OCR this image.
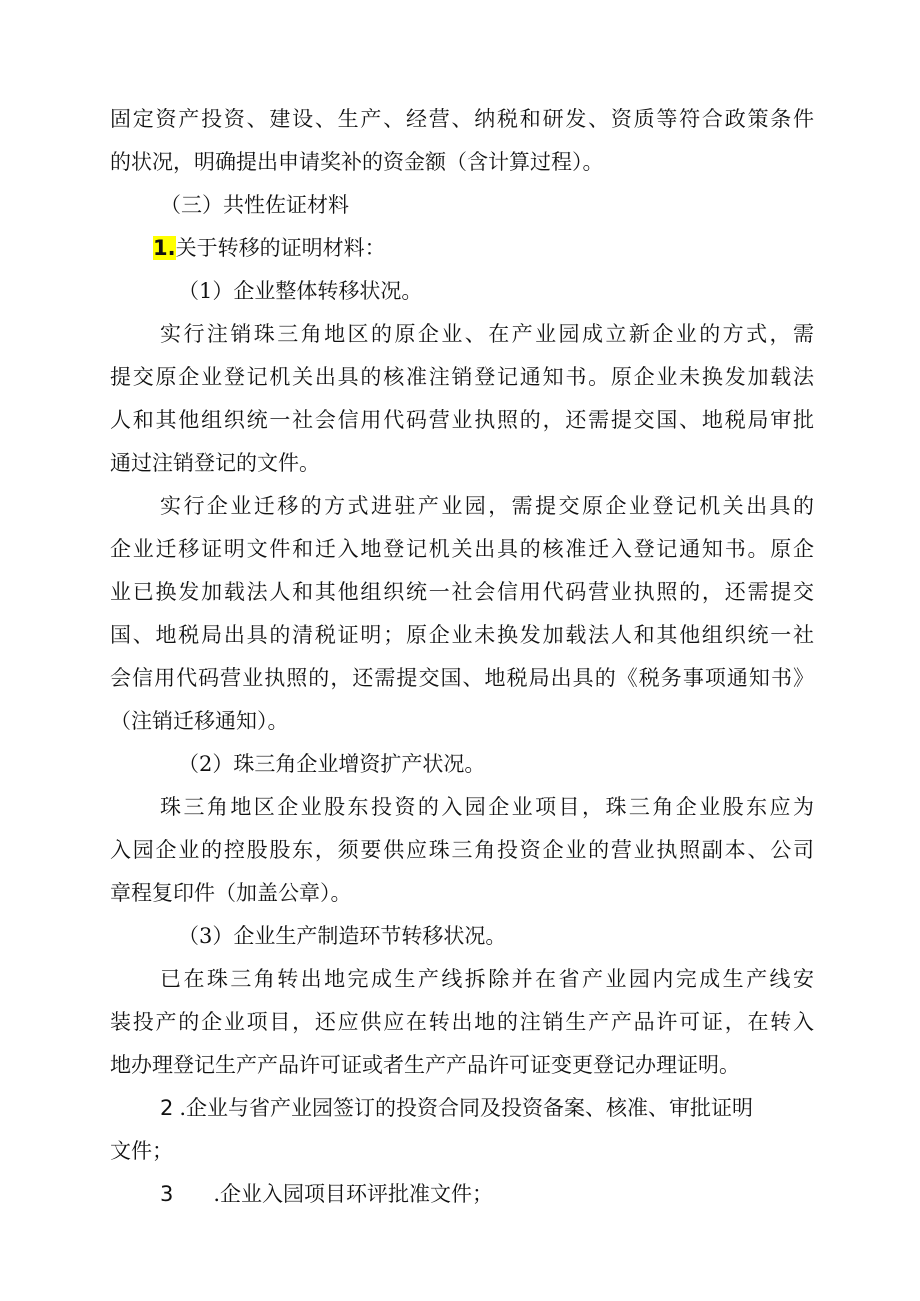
固定资产投资、建设、生产、经营、纳税和研发、资质等符合政策条件

的状况，明确提出申请奖补的资金额（含计算过程）。

（三）共性佐证材料

1.关于转移的证明材料：

（1）企业整体转移状况。

实行注销珠三角地区的原企业、在产业园成立新企业的方式，需

提交原企业登记机关出具的核准注销登记通知书。原企业未换发加载法

人和其他组织统一社会信用代码营业执照的，还需提交国、地税局审批

通过注销登记的文件。

实行企业迁移的方式进驻产业园，需提交原企业登记机关出具的

企业迁移证明文件和迁入地登记机关出具的核准迁入登记通知书。原企

业已换发加载法人和其他组织统一社会信用代码营业执照的，还需提交

国、地税局出具的清税证明；原企业未换发加载法人和其他组织统一社

会信用代码营业执照的，还需提交国、地税局出具的《税务事项通知书》

（注销迁移通知）。

（2）珠三角企业增资扩产状况。

珠三角地区企业股东投资的入园企业项目，珠三角企业股东应为

入园企业的控股股东，须要供应珠三角投资企业的营业执照副本、公司

章程复印件（加盖公章）。

（3）企业生产制造环节转移状况。

已在珠三角转出地完成生产线拆除并在省产业园内完成生产线安

装投产的企业项目，还应供应在转出地的注销生产产品许可证，在转入

地办理登记生产产品许可证或者生产产品许可证变更登记办理证明。

2 .企业与省产业园签订的投资合同及投资备案、核准、审批证明

文件；

3 .企业入园项目环评批准文件；
